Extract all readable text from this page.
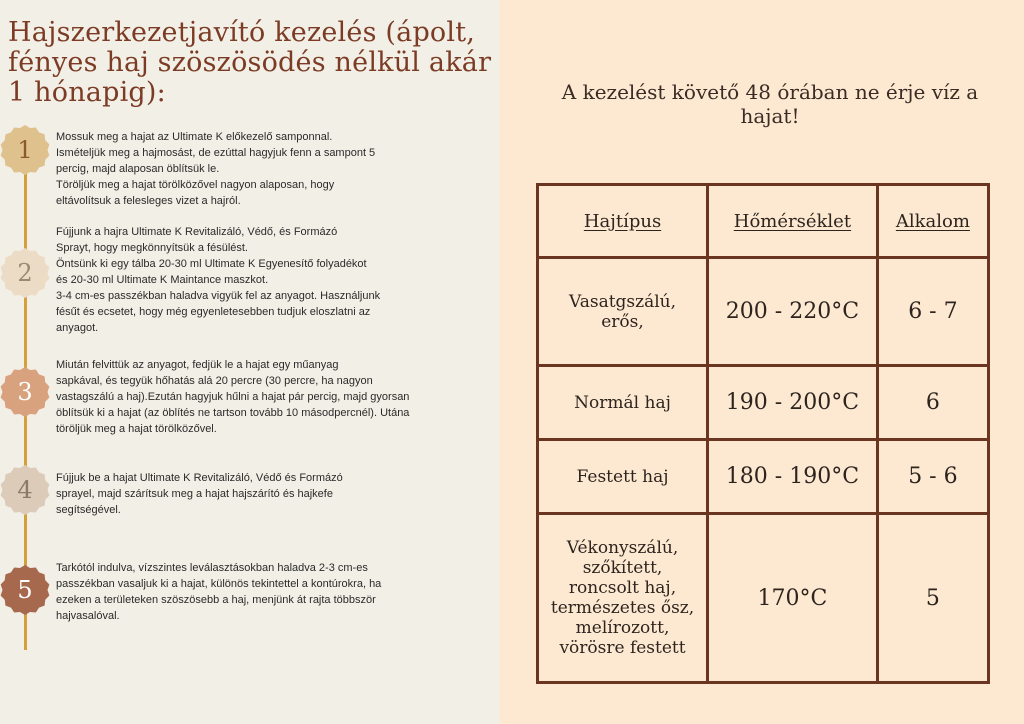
Hajszerkezetjavító kezelés (ápolt, fényes haj szöszösödés nélkül akár 1 hónapig):
1 Mossuk meg a hajat az Ultimate K előkezelő samponnal.

Ismételjük meg a hajmosást, de ezúttal hagyjuk fenn a sampont 5

percig, majd alaposan öblítsük le.

Töröljük meg a hajat törölközővel nagyon alaposan, hogy

eltávolítsuk a felesleges vizet a hajról.

2

Fújjunk a hajra Ultimate K Revitalizáló, Védő, és Formázó

Sprayt, hogy megkönnyítsük a fésülést.

Öntsünk ki egy tálba 20-30 ml Ultimate K Egyenesítő folyadékot

és 20-30 ml Ultimate K Maintance maszkot.

3-4 cm-es passzékban haladva vigyük fel az anyagot. Használjunk

fésűt és ecsetet, hogy még egyenletesebben tudjuk eloszlatni az

anyagot.

3

Miután felvittük az anyagot, fedjük le a hajat egy műanyag

sapkával, és tegyük hőhatás alá 20 percre (30 percre, ha nagyon

vastagszálú a haj).Ezután hagyjuk hűlni a hajat pár percig, majd gyorsan

öblítsük ki a hajat (az öblítés ne tartson tovább 10 másodpercnél). Utána

töröljük meg a hajat törölközővel.

4 Fújjuk be a hajat Ultimate K Revitalizáló, Védő és Formázó

sprayel, majd szárítsuk meg a hajat hajszárító és hajkefe

segítségével.

5

Tarkótól indulva, vízszintes leválasztásokban haladva 2-3 cm-es

passzékban vasaljuk ki a hajat, különös tekintettel a kontúrokra, ha

ezeken a területeken szöszösebb a haj, menjünk át rajta többször

hajvasalóval.

A kezelést követő 48 órában ne érje víz a hajat!
Hajtípus	Hőmérséklet	Alkalom
Vasatgszálú, erős,	200 - 220°C	6 - 7
Normál haj	190 - 200°C	6
Festett haj	180 - 190°C	5 - 6
Vékonyszálú, szőkített, roncsolt haj, természetes ősz, melírozott, vörösre festett	170°C	5
